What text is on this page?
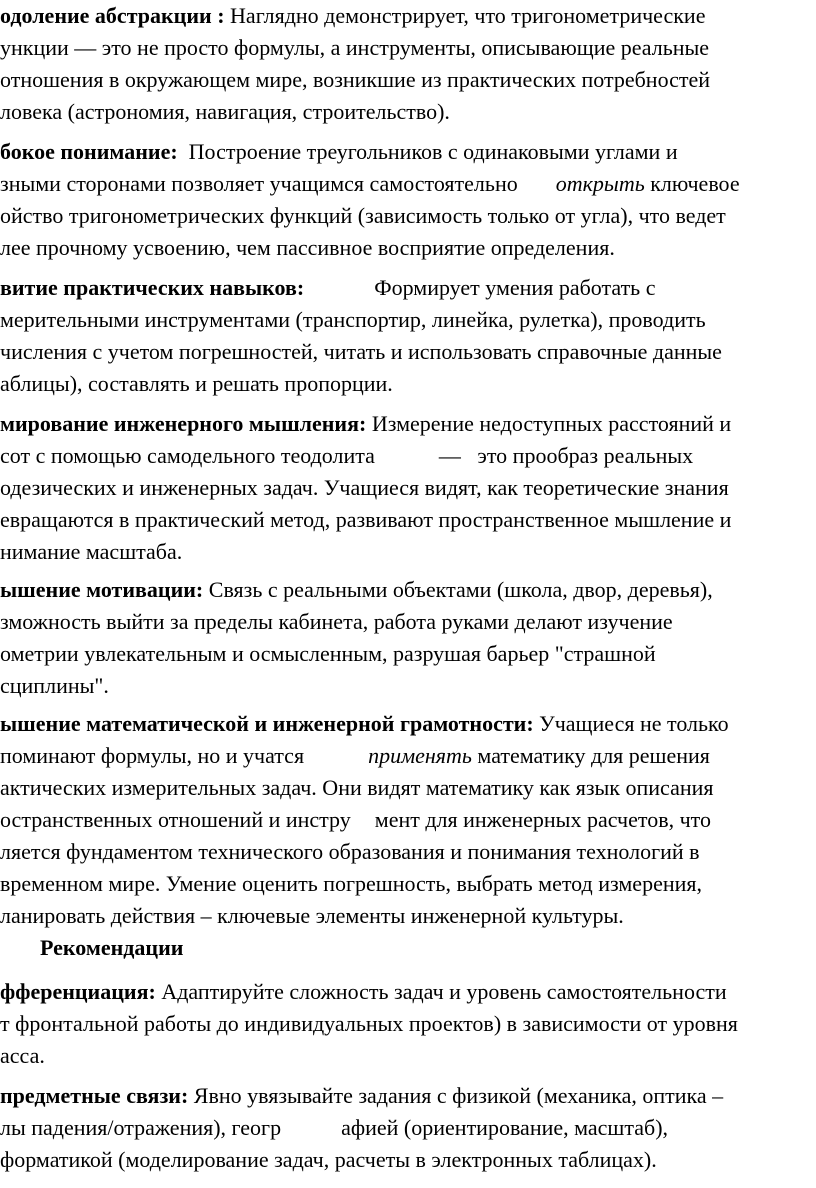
одоление абстракции : Наглядно демонстрирует, что тригонометрические
ункции — это не просто формулы, а инструменты, описывающие реальные
отношения в окружающем мире, возникшие из практических потребностей
ловека (астрономия, навигация, строительство).
бокое понимание:  Построение треугольников с одинаковыми углами и
зными сторонами позволяет учащимся самостоятельно открыть ключевое
ойство тригонометрических функций (зависимость только от угла), что ведет
лее прочному усвоению, чем пассивное восприятие определения.
витие практических навыков:	Формирует умения работать с
мерительными инструментами (транспортир, линейка, рулетка), проводить
числения с учетом погрешностей, читать и использовать справочные данные
аблицы), составлять и решать пропорции.
мирование инженерного мышления: Измерение недоступных расстояний и
сот с помощью самодельного теодолита	—   это прообраз реальных
одезических и инженерных задач. Учащиеся видят, как теоретические знания
евращаются в практический метод, развивают пространственное мышление и
нимание масштаба.
ышение мотивации: Связь с реальными объектами (школа, двор, деревья),
зможность выйти за пределы кабинета, работа руками делают изучение
ометрии увлекательным и осмысленным, разрушая барьер "страшной
сциплины".
ышение математической и инженерной грамотности: Учащиеся не только
поминают формулы, но и учатся	применять математику для решения
актических измерительных задач. Они видят математику как язык описания
остранственных отношений и инстру мент для инженерных расчетов, что
ляется фундаментом технического образования и понимания технологий в
временном мире. Умение оценить погрешность, выбрать метод измерения,
ланировать действия – ключевые элементы инженерной культуры.
Рекомендации
фференциация: Адаптируйте сложность задач и уровень самостоятельности
т фронтальной работы до индивидуальных проектов) в зависимости от уровня
асса.
предметные связи: Явно увязывайте задания с физикой (механика, оптика –
лы падения/отражения), геогр	афией (ориентирование, масштаб),
форматикой (моделирование задач, расчеты в электронных таблицах).
